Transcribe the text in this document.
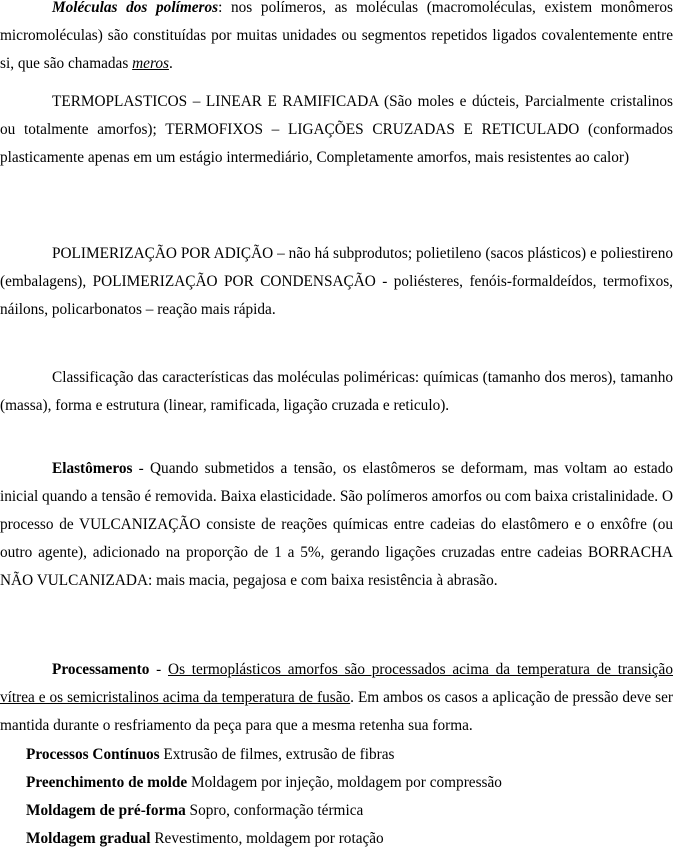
Moléculas dos polímeros: nos polímeros, as moléculas (macromoléculas, existem monômeros micromoléculas) são constituídas por muitas unidades ou segmentos repetidos ligados covalentemente entre si, que são chamadas meros.

TERMOPLASTICOS – LINEAR E RAMIFICADA (São moles e dúcteis, Parcialmente cristalinos ou totalmente amorfos); TERMOFIXOS – LIGAÇÕES CRUZADAS E RETICULADO (conformados plasticamente apenas em um estágio intermediário, Completamente amorfos, mais resistentes ao calor)

POLIMERIZAÇÃO POR ADIÇÃO – não há subprodutos; polietileno (sacos plásticos) e poliestireno (embalagens), POLIMERIZAÇÃO POR CONDENSAÇÃO - poliésteres, fenóis-formaldeídos, termofixos, náilons, policarbonatos – reação mais rápida.

Classificação das características das moléculas poliméricas: químicas (tamanho dos meros), tamanho (massa), forma e estrutura (linear, ramificada, ligação cruzada e reticulo).

Elastômeros - Quando submetidos a tensão, os elastômeros se deformam, mas voltam ao estado inicial quando a tensão é removida. Baixa elasticidade. São polímeros amorfos ou com baixa cristalinidade. O processo de VULCANIZAÇÃO consiste de reações químicas entre cadeias do elastômero e o enxôfre (ou outro agente), adicionado na proporção de 1 a 5%, gerando ligações cruzadas entre cadeias BORRACHA NÃO VULCANIZADA: mais macia, pegajosa e com baixa resistência à abrasão.

Processamento - Os termoplásticos amorfos são processados acima da temperatura de transição vítrea e os semicristalinos acima da temperatura de fusão. Em ambos os casos a aplicação de pressão deve ser mantida durante o resfriamento da peça para que a mesma retenha sua forma.

Processos Contínuos Extrusão de filmes, extrusão de fibras
Preenchimento de molde Moldagem por injeção, moldagem por compressão
Moldagem de pré-forma Sopro, conformação térmica
Moldagem gradual Revestimento, moldagem por rotação
